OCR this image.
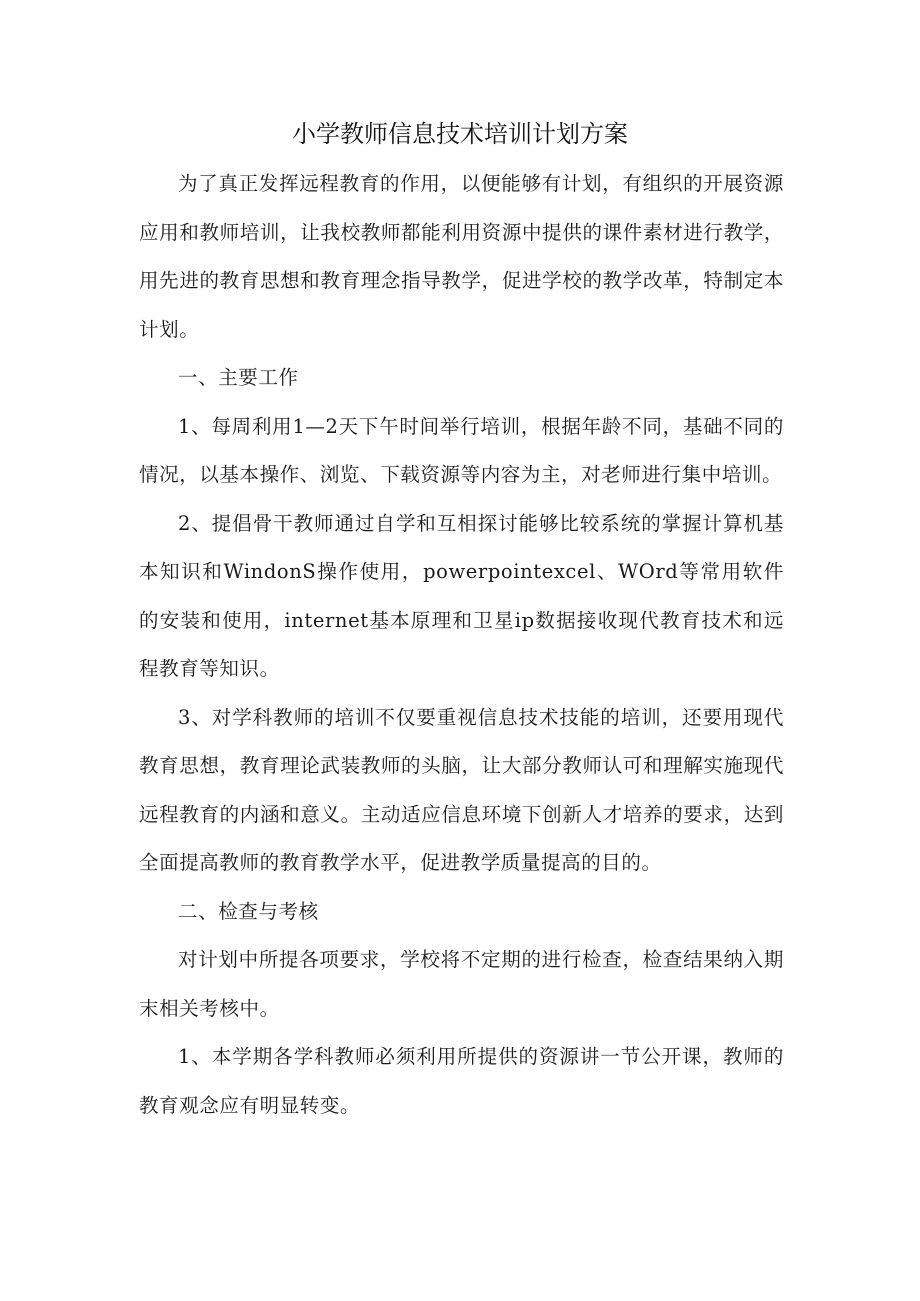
小学教师信息技术培训计划方案

为了真正发挥远程教育的作用，以便能够有计划，有组织的开展资源应用和教师培训，让我校教师都能利用资源中提供的课件素材进行教学，用先进的教育思想和教育理念指导教学，促进学校的教学改革，特制定本计划。

一、主要工作

1、每周利用1—2天下午时间举行培训，根据年龄不同，基础不同的情况，以基本操作、浏览、下载资源等内容为主，对老师进行集中培训。

2、提倡骨干教师通过自学和互相探讨能够比较系统的掌握计算机基本知识和WindonS操作使用，powerpointexcel、WOrd等常用软件的安装和使用，internet基本原理和卫星ip数据接收现代教育技术和远程教育等知识。

3、对学科教师的培训不仅要重视信息技术技能的培训，还要用现代教育思想，教育理论武装教师的头脑，让大部分教师认可和理解实施现代远程教育的内涵和意义。主动适应信息环境下创新人才培养的要求，达到全面提高教师的教育教学水平，促进教学质量提高的目的。

二、检查与考核

对计划中所提各项要求，学校将不定期的进行检查，检查结果纳入期末相关考核中。

1、本学期各学科教师必须利用所提供的资源讲一节公开课，教师的教育观念应有明显转变。
